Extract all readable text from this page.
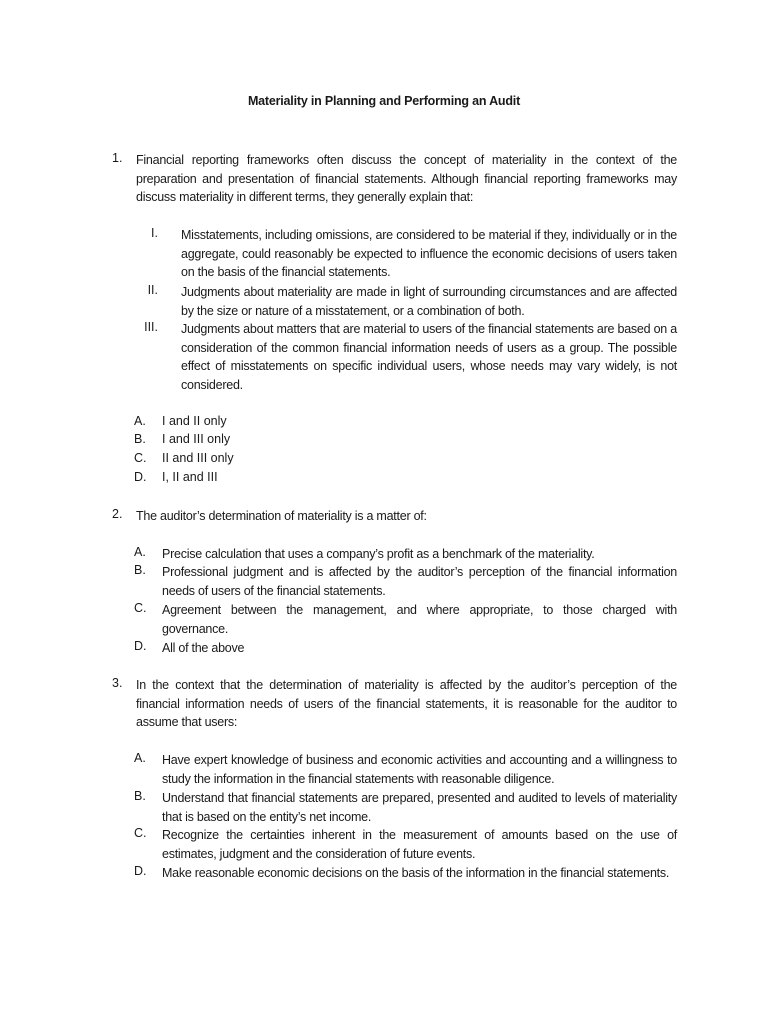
Materiality in Planning and Performing an Audit
1.	Financial reporting frameworks often discuss the concept of materiality in the context of the preparation and presentation of financial statements. Although financial reporting frameworks may discuss materiality in different terms, they generally explain that:
I. Misstatements, including omissions, are considered to be material if they, individually or in the aggregate, could reasonably be expected to influence the economic decisions of users taken on the basis of the financial statements.
II. Judgments about materiality are made in light of surrounding circumstances and are affected by the size or nature of a misstatement, or a combination of both.
III. Judgments about matters that are material to users of the financial statements are based on a consideration of the common financial information needs of users as a group. The possible effect of misstatements on specific individual users, whose needs may vary widely, is not considered.
A. I and II only
B. I and III only
C. II and III only
D. I, II and III
2.	The auditor’s determination of materiality is a matter of:
A. Precise calculation that uses a company’s profit as a benchmark of the materiality.
B. Professional judgment and is affected by the auditor’s perception of the financial information needs of users of the financial statements.
C. Agreement between the management, and where appropriate, to those charged with governance.
D. All of the above
3.	In the context that the determination of materiality is affected by the auditor’s perception of the financial information needs of users of the financial statements, it is reasonable for the auditor to assume that users:
A. Have expert knowledge of business and economic activities and accounting and a willingness to study the information in the financial statements with reasonable diligence.
B. Understand that financial statements are prepared, presented and audited to levels of materiality that is based on the entity’s net income.
C. Recognize the certainties inherent in the measurement of amounts based on the use of estimates, judgment and the consideration of future events.
D. Make reasonable economic decisions on the basis of the information in the financial statements.
